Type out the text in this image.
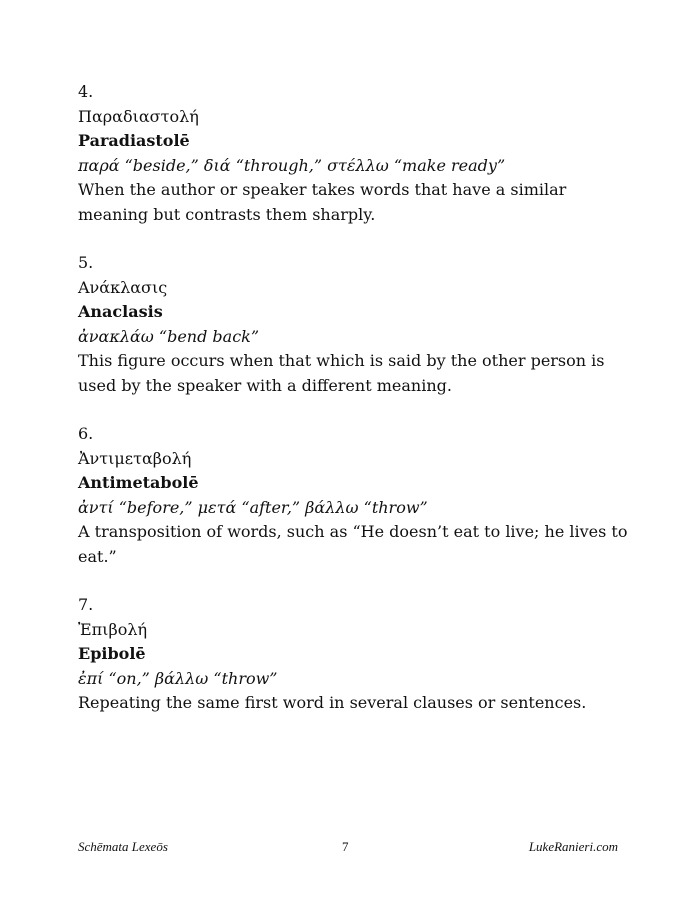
4.
Παραδιαστολή
Paradiastolē
παρά “beside,” διά “through,” στέλλω “make ready”
When the author or speaker takes words that have a similar meaning but contrasts them sharply.
5.
Ανάκλασις
Anaclasis
ἀνακλάω “bend back”
This figure occurs when that which is said by the other person is used by the speaker with a different meaning.
6.
Ἀντιμεταβολή
Antimetabolē
ἀντί “before,” μετά “after,” βάλλω “throw”
A transposition of words, such as “He doesn’t eat to live; he lives to eat.”
7.
Ἐπιβολή
Epibolē
ἐπί “on,” βάλλω “throw”
Repeating the same first word in several clauses or sentences.
Schēmata Lexeōs	7	LukeRanieri.com
